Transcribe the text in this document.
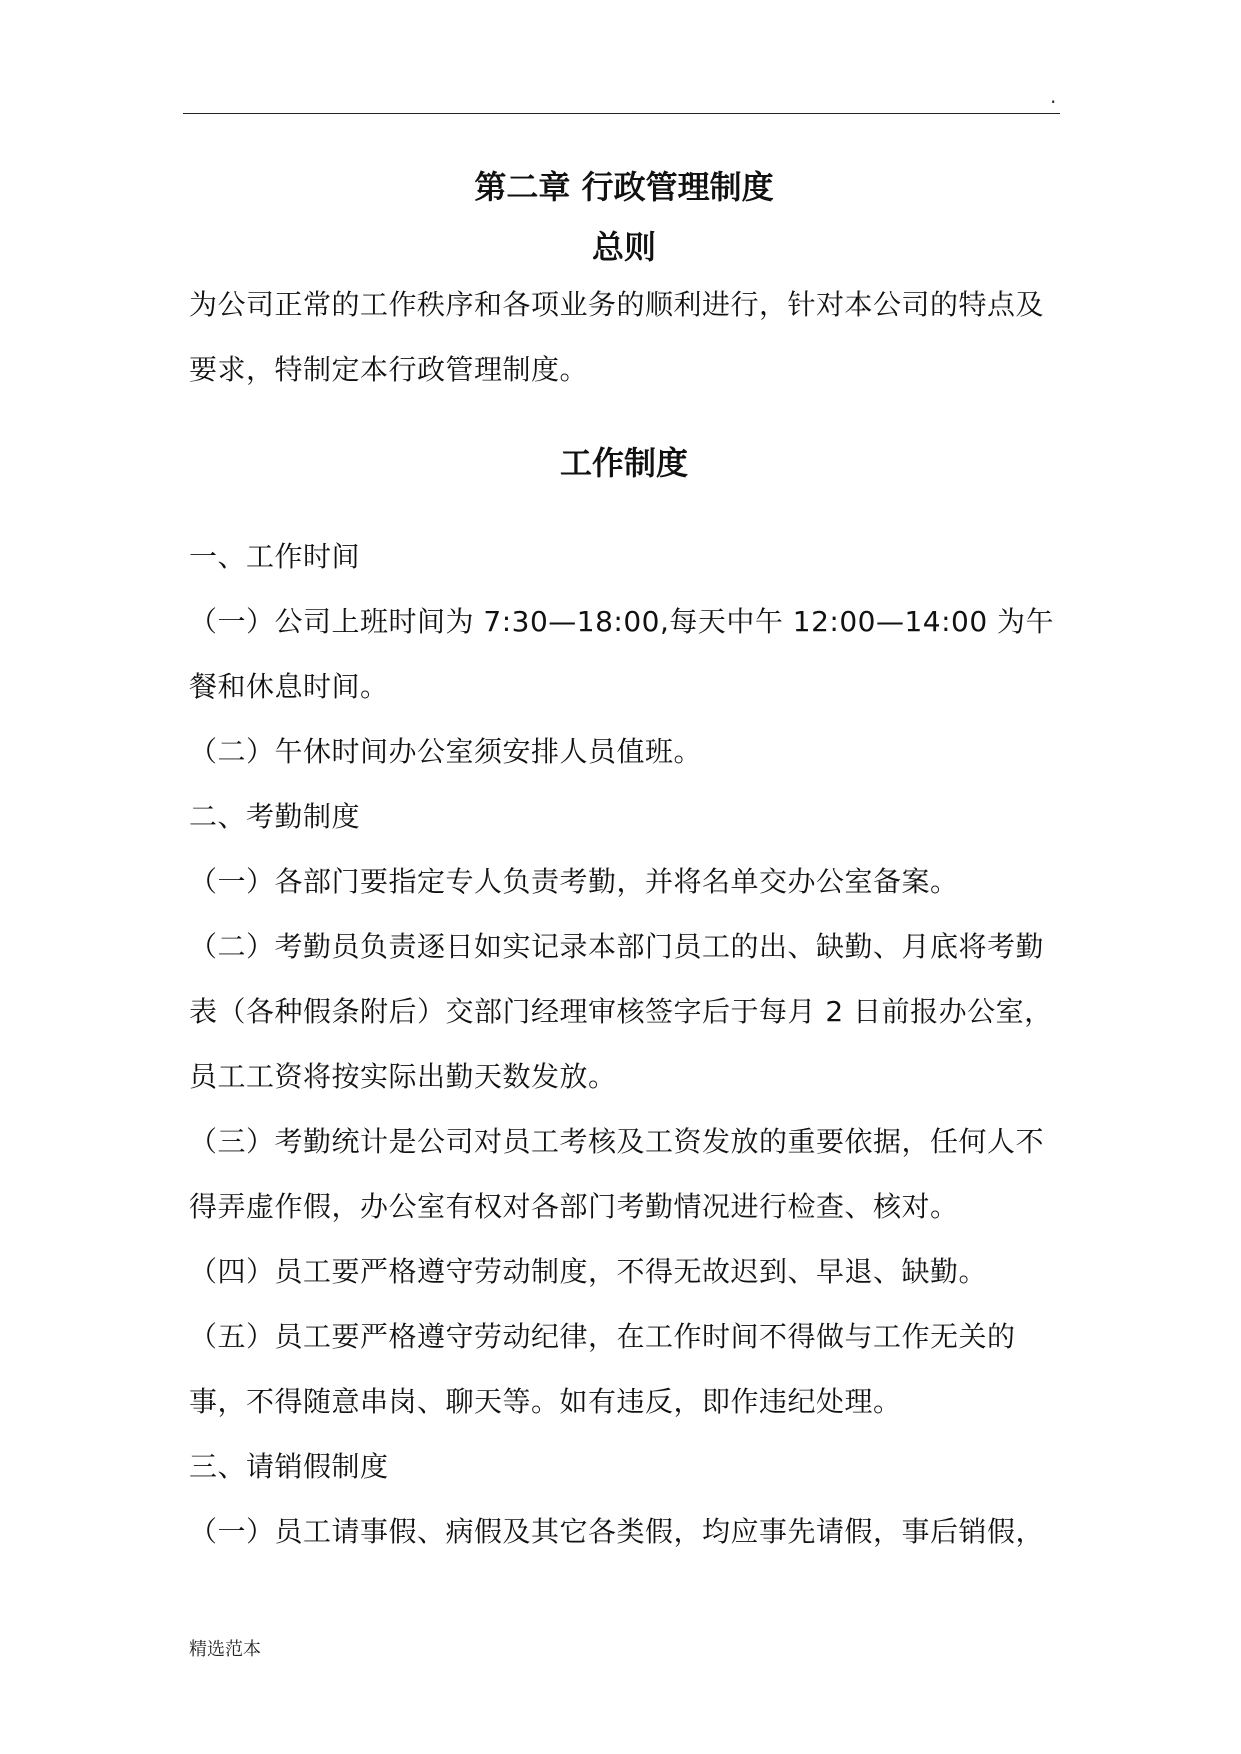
.
第二章 行政管理制度
总则

为公司正常的工作秩序和各项业务的顺利进行，针对本公司的特点及要求，特制定本行政管理制度。

工作制度

一、工作时间

（一）公司上班时间为 7:30—18:00,每天中午 12:00—14:00 为午餐和休息时间。

（二）午休时间办公室须安排人员值班。

二、考勤制度

（一）各部门要指定专人负责考勤，并将名单交办公室备案。

（二）考勤员负责逐日如实记录本部门员工的出、缺勤、月底将考勤表（各种假条附后）交部门经理审核签字后于每月 2 日前报办公室，员工工资将按实际出勤天数发放。

（三）考勤统计是公司对员工考核及工资发放的重要依据，任何人不得弄虚作假，办公室有权对各部门考勤情况进行检查、核对。

（四）员工要严格遵守劳动制度，不得无故迟到、早退、缺勤。

（五）员工要严格遵守劳动纪律，在工作时间不得做与工作无关的事，不得随意串岗、聊天等。如有违反，即作违纪处理。

三、请销假制度

（一）员工请事假、病假及其它各类假，均应事先请假，事后销假，

精选范本
